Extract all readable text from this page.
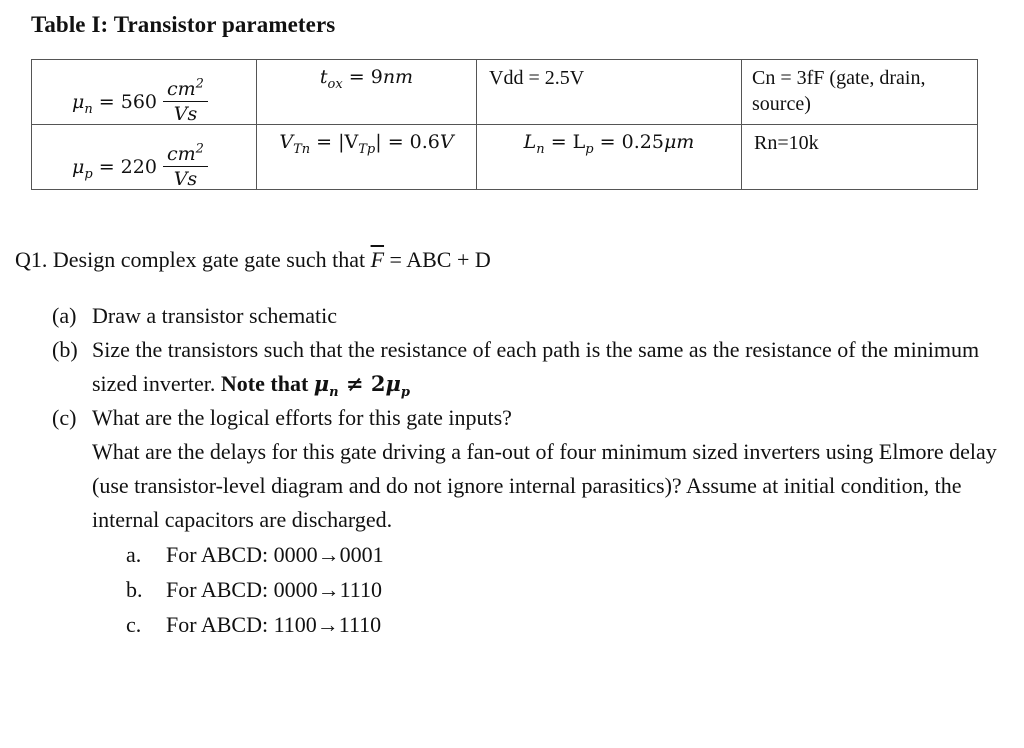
Table I: Transistor parameters
$\mu_n = 560 \frac{cm^2}{Vs}$	$t_{ox} = 9nm$	Vdd = 2.5V	Cn = 3fF (gate, drain, source)

$\mu_p = 220 \frac{cm^2}{Vs}$	$V_{Tn} = |V_{Tp}| = 0.6V$	$L_n = L_p = 0.25\mu m$	Rn=10k
Q1. Design complex gate gate such that $\overline{F}$ = ABC + D
(a) Draw a transistor schematic
(b) Size the transistors such that the resistance of each path is the same as the resistance of the minimum sized inverter. Note that $\mu_n \ne 2\mu_p$
(c) What are the logical efforts for this gate inputs?
What are the delays for this gate driving a fan-out of four minimum sized inverters using Elmore delay (use transistor-level diagram and do not ignore internal parasitics)? Assume at initial condition, the internal capacitors are discharged.
a.	For ABCD: 0000→0001
b.	For ABCD: 0000→1110
c.	For ABCD: 1100→1110
